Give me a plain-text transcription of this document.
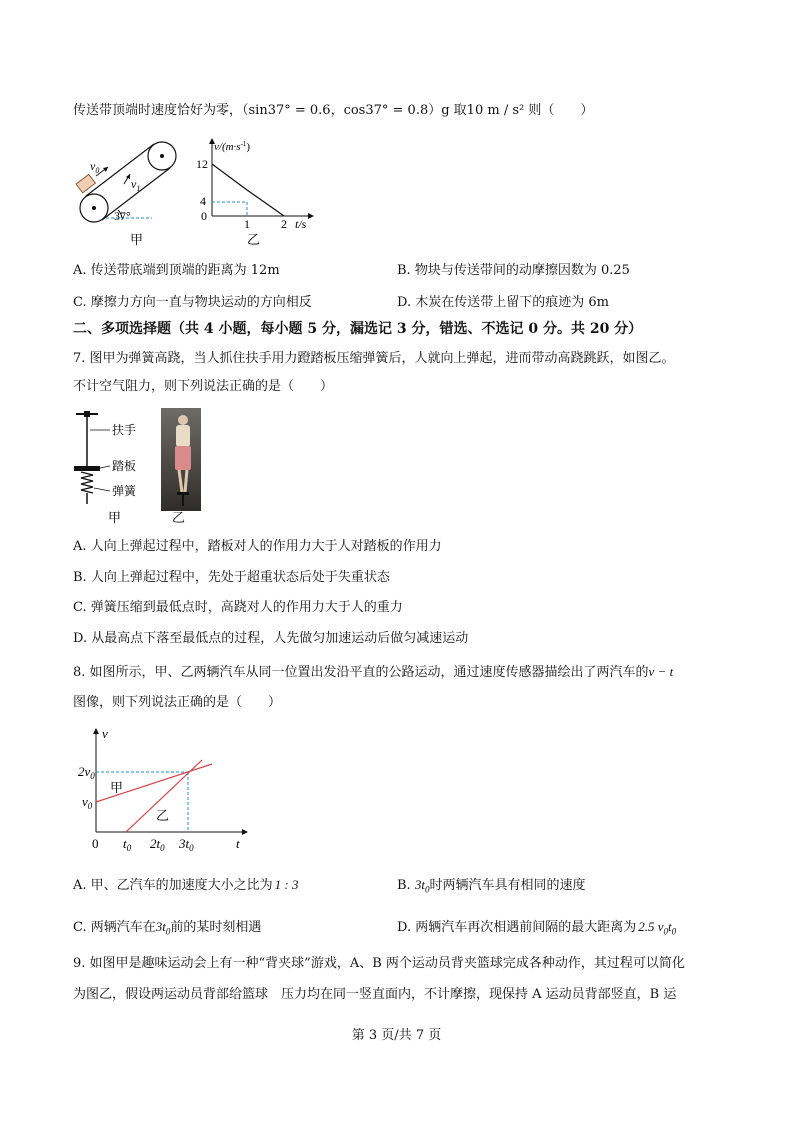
传送带顶端时速度恰好为零，（sin37° = 0.6，cos37° = 0.8）g 取10 m / s² 则（　　）
$v_0$
$v_1$
37°
甲
$v/(m\cdot s^{-1})$
12
4
0
1	2 t/s
乙
A. 传送带底端到顶端的距离为 12m	B. 物块与传送带间的动摩擦因数为 0.25
C. 摩擦力方向一直与物块运动的方向相反	D. 木炭在传送带上留下的痕迹为 6m
二、多项选择题（共 4 小题，每小题 5 分，漏选记 3 分，错选、不选记 0 分。共 20 分）
7. 图甲为弹簧高跷，当人抓住扶手用力蹬踏板压缩弹簧后，人就向上弹起，进而带动高跷跳跃，如图乙。
不计空气阻力，则下列说法正确的是（　　）
扶手
踏板
弹簧
甲	乙
A. 人向上弹起过程中，踏板对人的作用力大于人对踏板的作用力
B. 人向上弹起过程中，先处于超重状态后处于失重状态
C. 弹簧压缩到最低点时，高跷对人的作用力大于人的重力
D. 从最高点下落至最低点的过程，人先做匀加速运动后做匀减速运动
8. 如图所示，甲、乙两辆汽车从同一位置出发沿平直的公路运动，通过速度传感器描绘出了两汽车的v − t
图像，则下列说法正确的是（　　）
v
$2v_0$
$v_0$
甲
乙
0 $t_0$ $2t_0$ $3t_0$	t
A. 甲、乙汽车的加速度大小之比为 1 : 3	B. $3t_0$时两辆汽车具有相同的速度
C. 两辆汽车在$3t_0$前的某时刻相遇	D. 两辆汽车再次相遇前间隔的最大距离为 2.5 $v_0t_0$
9. 如图甲是趣味运动会上有一种“背夹球”游戏，A、B 两个运动员背夹篮球完成各种动作，其过程可以简化
为图乙，假设两运动员背部给篮球　压力均在同一竖直面内，不计摩擦，现保持 A 运动员背部竖直，B 运
第 3 页/共 7 页
